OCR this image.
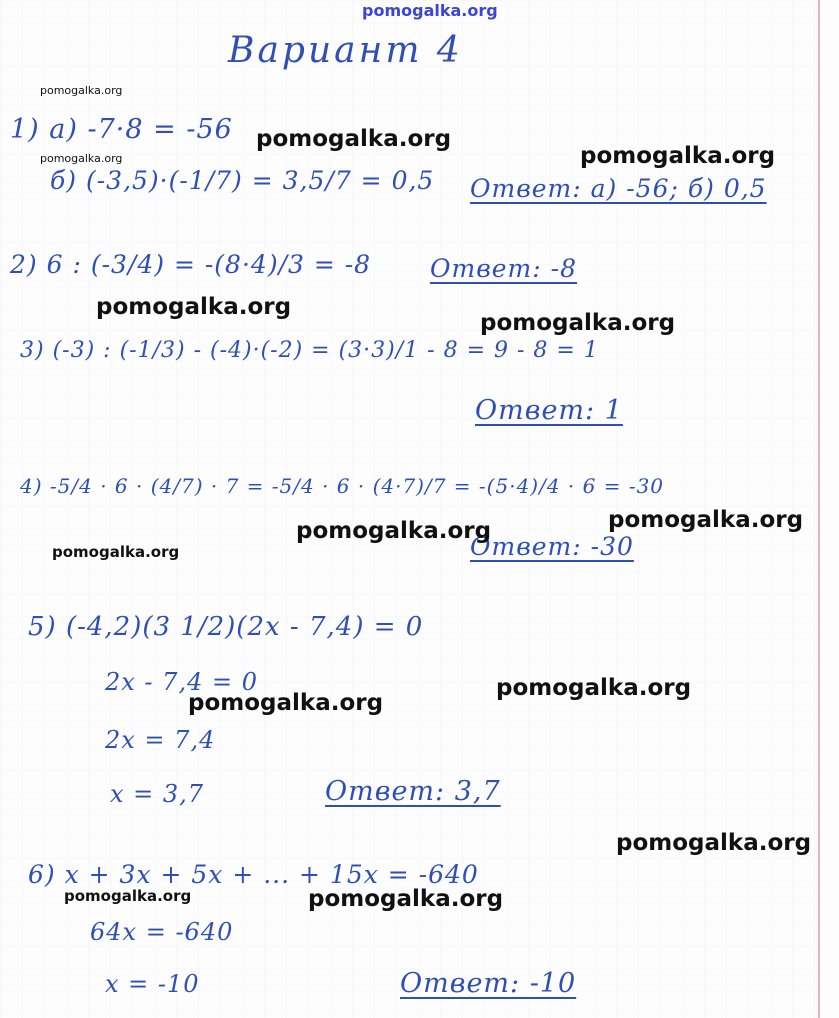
pomogalka.org
Вариант 4
1) а) -7·8 = -56
б) (-3,5)·(-1/7) = 3,5/7 = 0,5 Ответ: а) -56; б) 0,5
2) 6 : (-3/4) = -(8·4)/3 = -8 Ответ: -8
3) (-3) : (-1/3) - (-4)·(-2) = (3·3)/1 - 8 = 9 - 8 = 1
Ответ: 1
4) -5/4 · 6 · (4/7) · 7 = -5/4 · 6 · (4·7)/7 = -(5·4)/4 · 6 = -30
Ответ: -30
5) (-4,2)(3 1/2)(2x - 7,4) = 0
2x - 7,4 = 0
2x = 7,4
x = 3,7	Ответ: 3,7
6) x + 3x + 5x + ... + 15x = -640
64x = -640
x = -10	Ответ: -10
pomogalka.org
pomogalka.org
pomogalka.org	pomogalka.org
pomogalka.org
pomogalka.org
pomogalka.org
pomogalka.org
pomogalka.org
pomogalka.org
pomogalka.org
pomogalka.org
pomogalka.org	pomogalka.org
